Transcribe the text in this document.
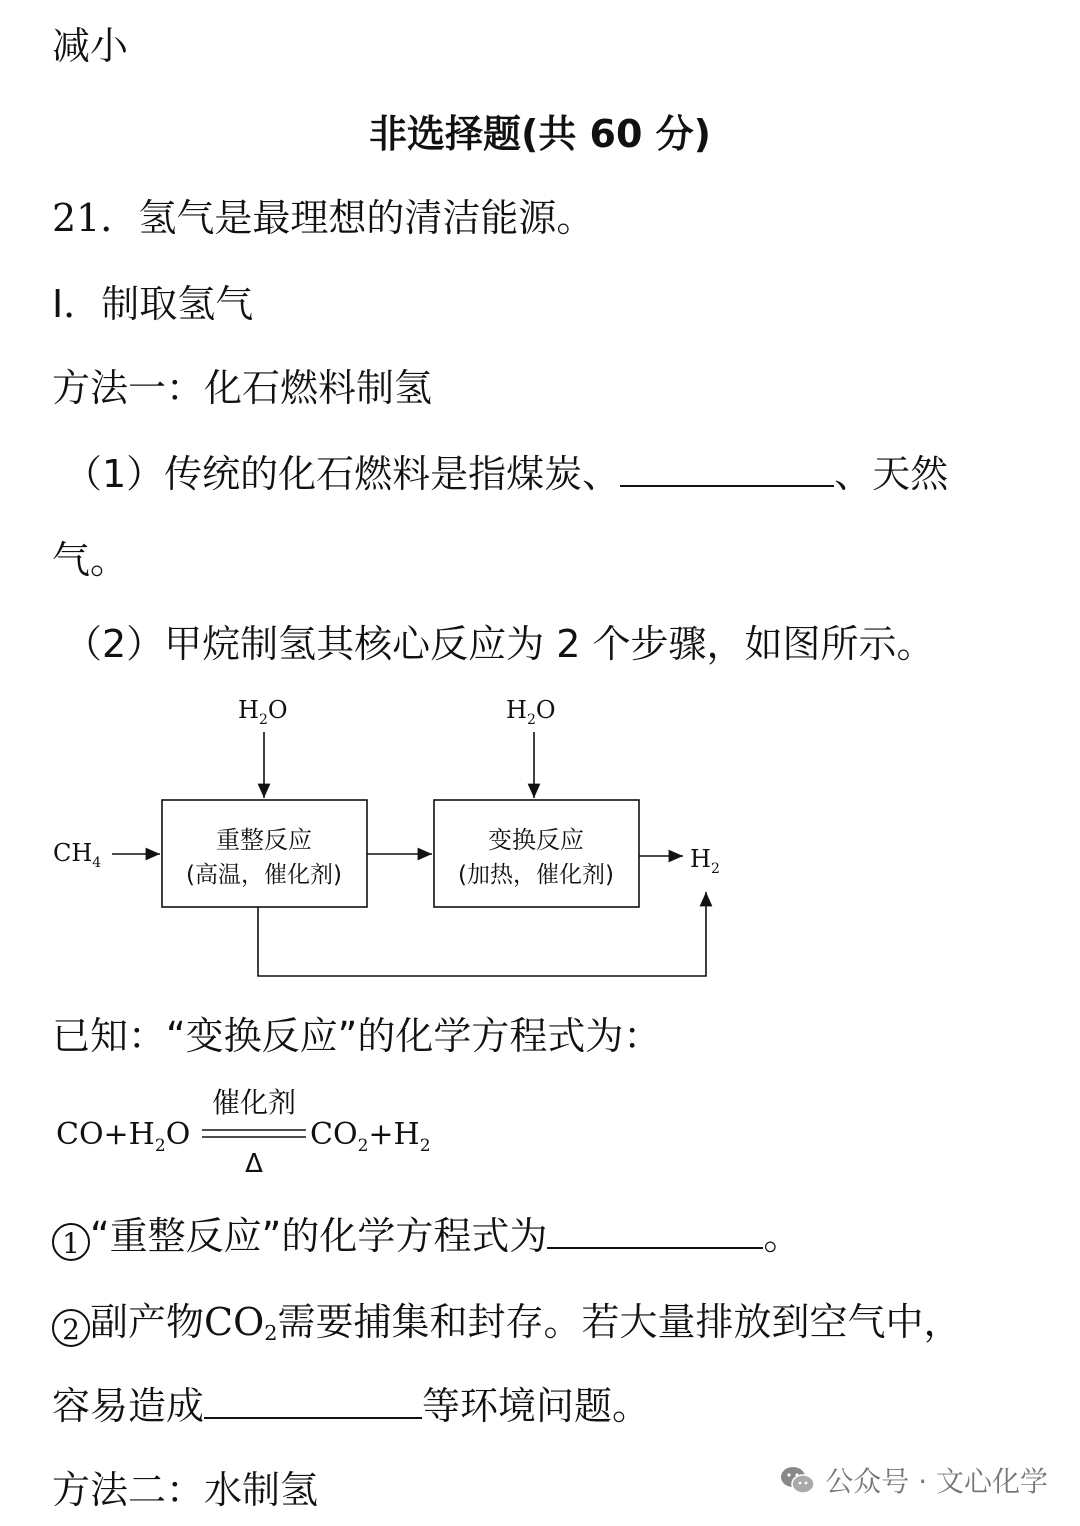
减小
非选择题(共 60 分)
21．氢气是最理想的清洁能源。
I．制取氢气
方法一：化石燃料制氢
（1）传统的化石燃料是指煤炭、	、天然
气。
（2）甲烷制氢其核心反应为 2 个步骤，如图所示。
$H_2O$	$H_2O$
$CH_4$
重整反应
(高温，催化剂)
变换反应
(加热，催化剂)
$H_2$
已知：“变换反应”的化学方程式为：
$CO+H_2O$
催化剂
Δ
$CO_2+H_2$
1 “重整反应”的化学方程式为	。
2 副产物$CO_2$需要捕集和封存。若大量排放到空气中，
容易造成	等环境问题。
方法二：水制氢	公众号 · 文心化学
